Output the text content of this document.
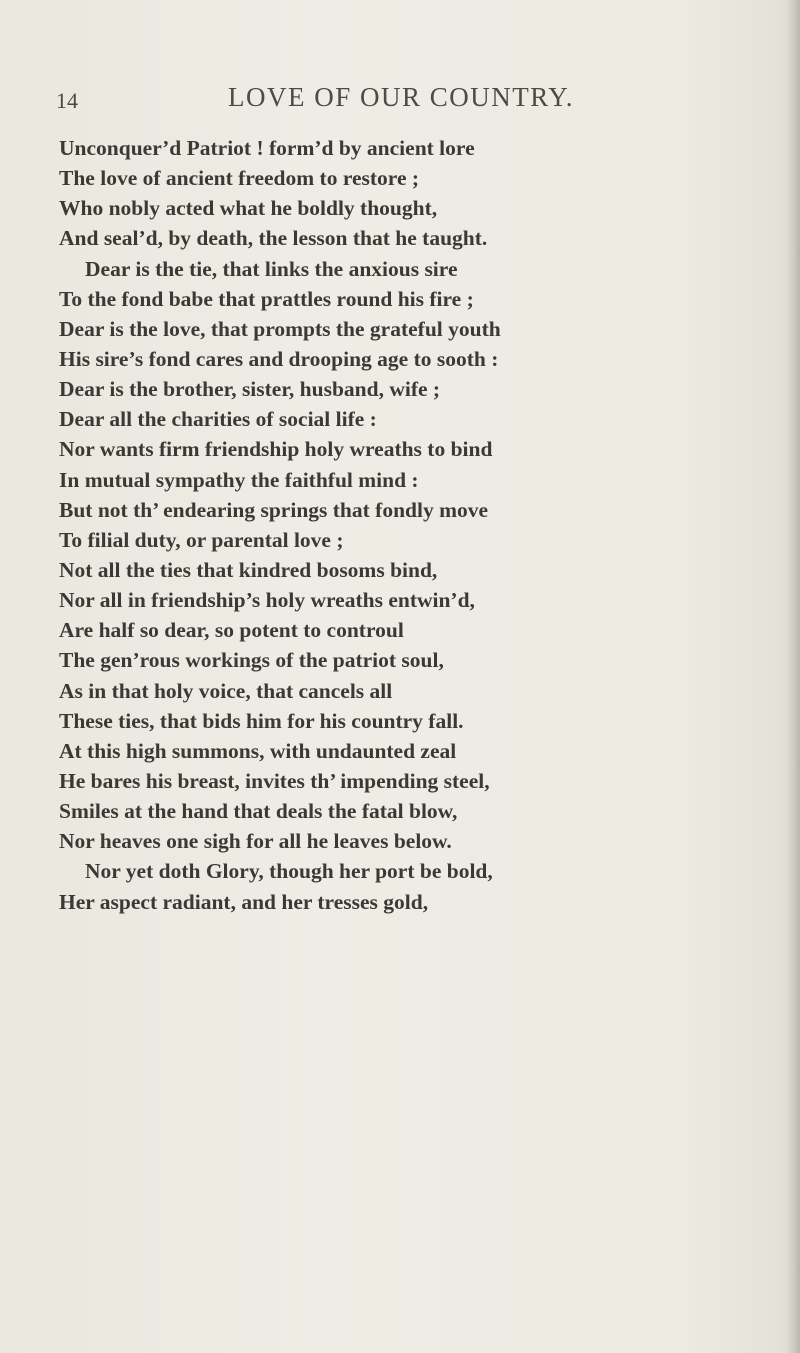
14	LOVE OF OUR COUNTRY.
Unconquer’d Patriot ! form’d by ancient lore
The love of ancient freedom to restore ;
Who nobly acted what he boldly thought,
And seal’d, by death, the lesson that he taught.
Dear is the tie, that links the anxious sire
To the fond babe that prattles round his fire ;
Dear is the love, that prompts the grateful youth
His sire’s fond cares and drooping age to sooth :
Dear is the brother, sister, husband, wife ;
Dear all the charities of social life :
Nor wants firm friendship holy wreaths to bind
In mutual sympathy the faithful mind :
But not th’ endearing springs that fondly move
To filial duty, or parental love ;
Not all the ties that kindred bosoms bind,
Nor all in friendship’s holy wreaths entwin’d,
Are half so dear, so potent to controul
The gen’rous workings of the patriot soul,
As in that holy voice, that cancels all
These ties, that bids him for his country fall.
At this high summons, with undaunted zeal
He bares his breast, invites th’ impending steel,
Smiles at the hand that deals the fatal blow,
Nor heaves one sigh for all he leaves below.
Nor yet doth Glory, though her port be bold,
Her aspect radiant, and her tresses gold,
